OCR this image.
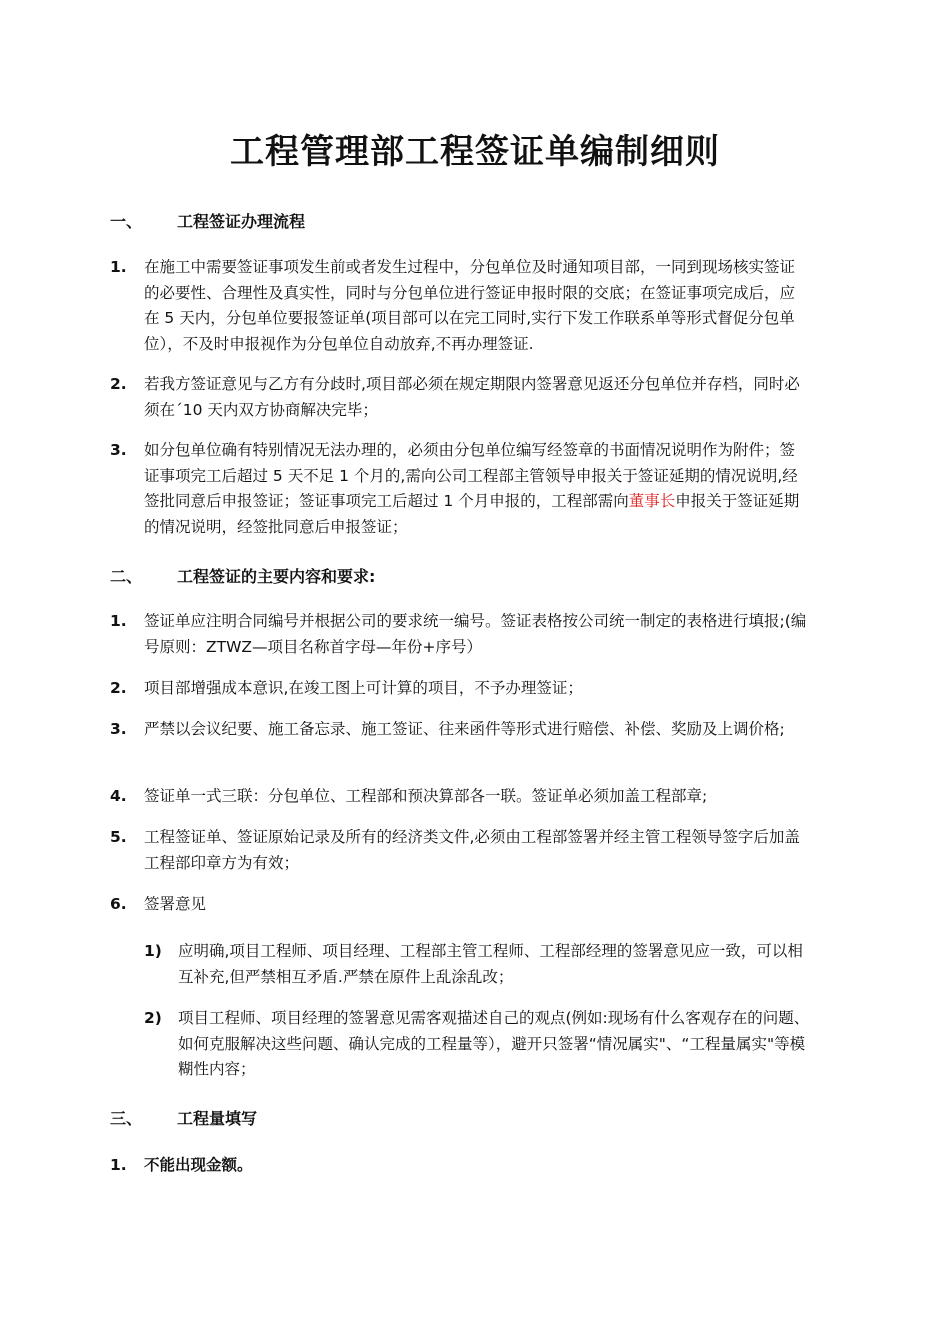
工程管理部工程签证单编制细则
一、 工程签证办理流程
1. 在施工中需要签证事项发生前或者发生过程中，分包单位及时通知项目部，一同到现场核实签证的必要性、合理性及真实性，同时与分包单位进行签证申报时限的交底；在签证事项完成后，应在 5 天内，分包单位要报签证单(项目部可以在完工同时,实行下发工作联系单等形式督促分包单位），不及时申报视作为分包单位自动放弃,不再办理签证.
2. 若我方签证意见与乙方有分歧时,项目部必须在规定期限内签署意见返还分包单位并存档，同时必须在ˊ10 天内双方协商解决完毕；
3. 如分包单位确有特别情况无法办理的，必须由分包单位编写经签章的书面情况说明作为附件；签证事项完工后超过 5 天不足 1 个月的,需向公司工程部主管领导申报关于签证延期的情况说明,经签批同意后申报签证；签证事项完工后超过 1 个月申报的，工程部需向董事长申报关于签证延期的情况说明，经签批同意后申报签证；
二、 工程签证的主要内容和要求:
1. 签证单应注明合同编号并根据公司的要求统一编号。签证表格按公司统一制定的表格进行填报;(编号原则：ZTWZ—项目名称首字母—年份+序号）
2. 项目部增强成本意识,在竣工图上可计算的项目，不予办理签证；
3. 严禁以会议纪要、施工备忘录、施工签证、往来函件等形式进行赔偿、补偿、奖励及上调价格;
4. 签证单一式三联：分包单位、工程部和预决算部各一联。签证单必须加盖工程部章;
5. 工程签证单、签证原始记录及所有的经济类文件,必须由工程部签署并经主管工程领导签字后加盖工程部印章方为有效；
6. 签署意见
1) 应明确,项目工程师、项目经理、工程部主管工程师、工程部经理的签署意见应一致，可以相互补充,但严禁相互矛盾.严禁在原件上乱涂乱改；
2) 项目工程师、项目经理的签署意见需客观描述自己的观点(例如:现场有什么客观存在的问题、如何克服解决这些问题、确认完成的工程量等），避开只签署“情况属实"、“工程量属实"等模糊性内容；
三、 工程量填写
1. 不能出现金额。
